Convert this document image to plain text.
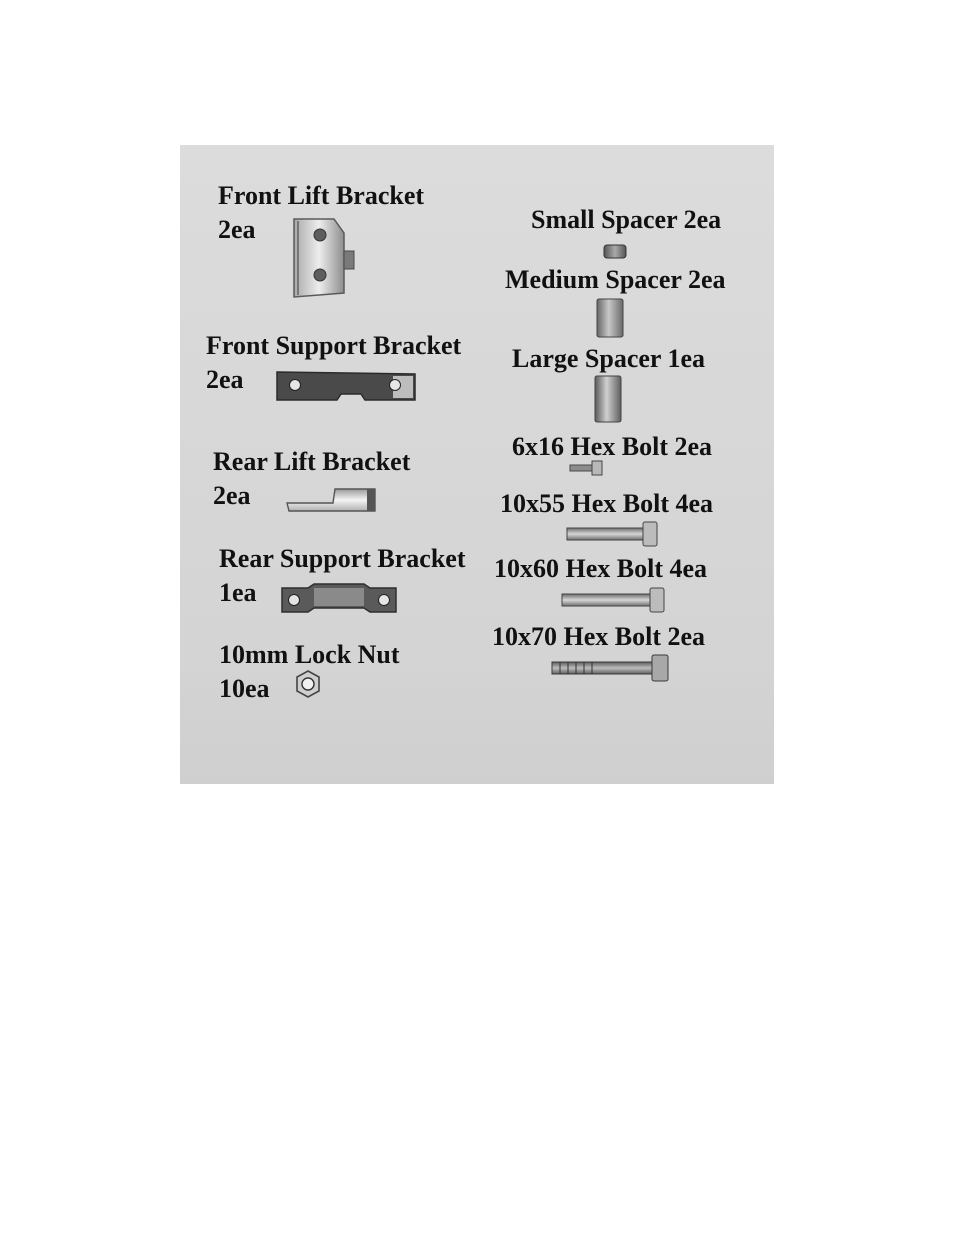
Front Lift Bracket
2ea
Front Support Bracket
2ea
Rear Lift Bracket
2ea
Rear Support Bracket
1ea
10mm Lock Nut
10ea
Small Spacer 2ea
Medium Spacer 2ea
Large Spacer 1ea
6x16 Hex Bolt 2ea
10x55 Hex Bolt 4ea
10x60 Hex Bolt 4ea
10x70 Hex Bolt 2ea
